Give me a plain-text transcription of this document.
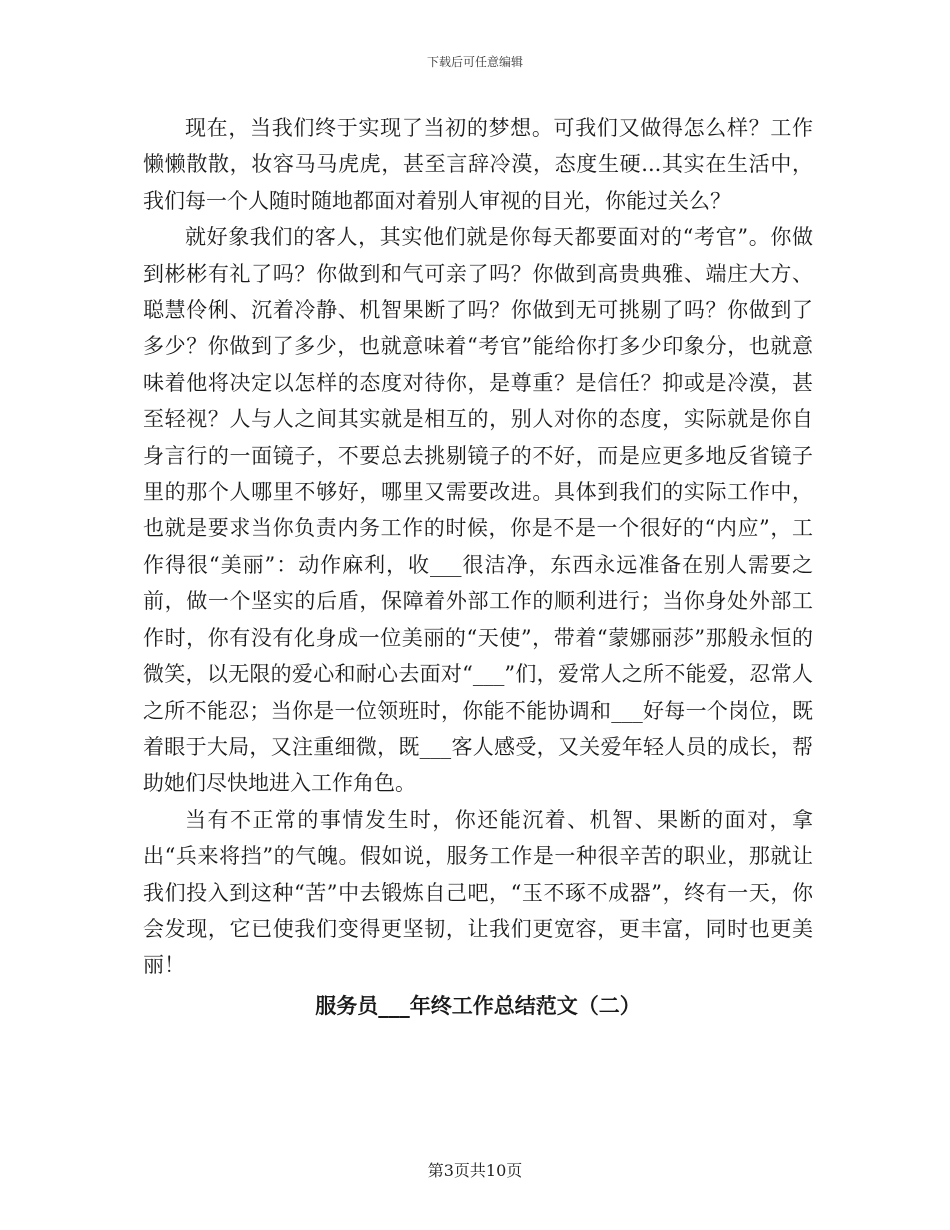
下载后可任意编辑

现在，当我们终于实现了当初的梦想。可我们又做得怎么样？工作懒懒散散，妆容马马虎虎，甚至言辞冷漠，态度生硬...其实在生活中，我们每一个人随时随地都面对着别人审视的目光，你能过关么？

就好象我们的客人，其实他们就是你每天都要面对的“考官”。你做到彬彬有礼了吗？你做到和气可亲了吗？你做到高贵典雅、端庄大方、聪慧伶俐、沉着冷静、机智果断了吗？你做到无可挑剔了吗？你做到了多少？你做到了多少，也就意味着“考官”能给你打多少印象分，也就意味着他将决定以怎样的态度对待你，是尊重？是信任？抑或是冷漠，甚至轻视？人与人之间其实就是相互的，别人对你的态度，实际就是你自身言行的一面镜子，不要总去挑剔镜子的不好，而是应更多地反省镜子里的那个人哪里不够好，哪里又需要改进。具体到我们的实际工作中，也就是要求当你负责内务工作的时候，你是不是一个很好的“内应”，工作得很“美丽”：动作麻利，收___很洁净，东西永远准备在别人需要之前，做一个坚实的后盾，保障着外部工作的顺利进行；当你身处外部工作时，你有没有化身成一位美丽的“天使”，带着“蒙娜丽莎”那般永恒的微笑，以无限的爱心和耐心去面对“___”们，爱常人之所不能爱，忍常人之所不能忍；当你是一位领班时，你能不能协调和___好每一个岗位，既着眼于大局，又注重细微，既___客人感受，又关爱年轻人员的成长，帮助她们尽快地进入工作角色。

当有不正常的事情发生时，你还能沉着、机智、果断的面对，拿出“兵来将挡”的气魄。假如说，服务工作是一种很辛苦的职业，那就让我们投入到这种“苦”中去锻炼自己吧，“玉不琢不成器”，终有一天，你会发现，它已使我们变得更坚韧，让我们更宽容，更丰富，同时也更美丽！

服务员___年终工作总结范文（二）

第3页共10页
